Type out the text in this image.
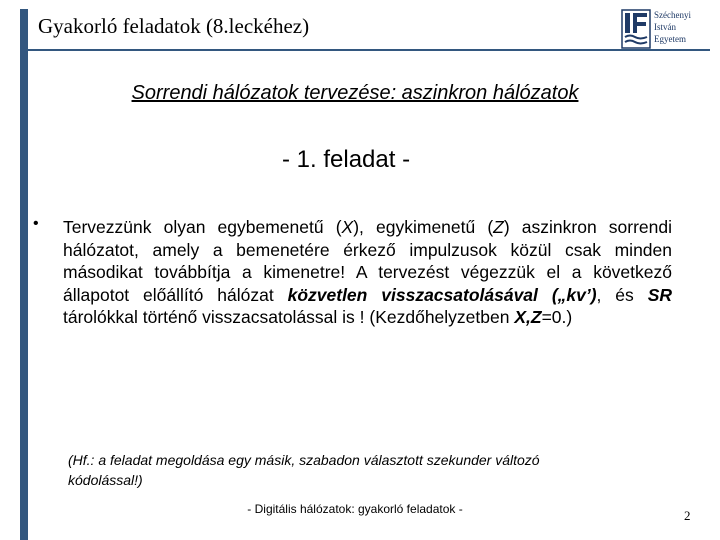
Gyakorló feladatok (8.leckéhez)	Széchenyi
István
Egyetem
Sorrendi hálózatok tervezése: aszinkron hálózatok
- 1. feladat -
• Tervezzünk olyan egybemenetű (X), egykimenetű (Z) aszinkron sorrendi hálózatot, amely a bemenetére érkező impulzusok közül csak minden másodikat továbbítja a kimenetre! A tervezést végezzük el a következő állapotot előállító hálózat közvetlen visszacsatolásával („kv’), és SR tárolókkal történő visszacsatolással is ! (Kezdőhelyzetben X,Z=0.)
(Hf.: a feladat megoldása egy másik, szabadon választott szekunder változó kódolással!)
- Digitális hálózatok: gyakorló feladatok -	2
